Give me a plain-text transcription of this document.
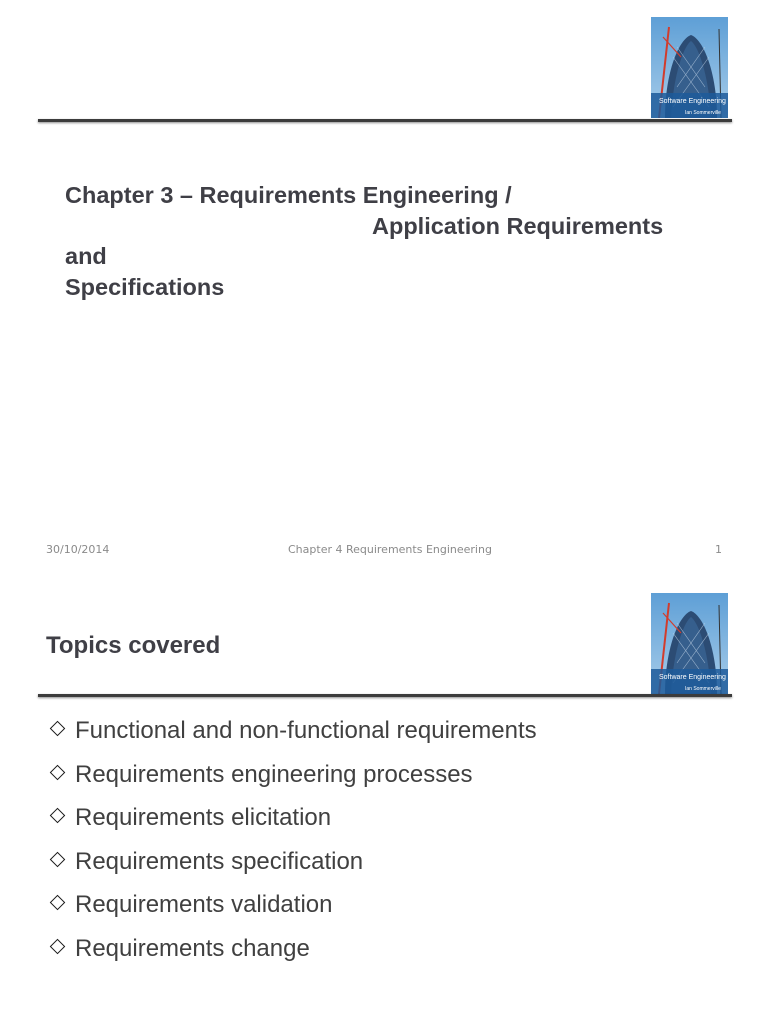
Software Engineering
Ian Sommerville
Chapter 3 – Requirements Engineering /
Application Requirements
and
Specifications
30/10/2014	Chapter 4 Requirements Engineering	1
Software Engineering
Ian Sommerville
Topics covered
Functional and non-functional requirements
Requirements engineering processes
Requirements elicitation
Requirements specification
Requirements validation
Requirements change
